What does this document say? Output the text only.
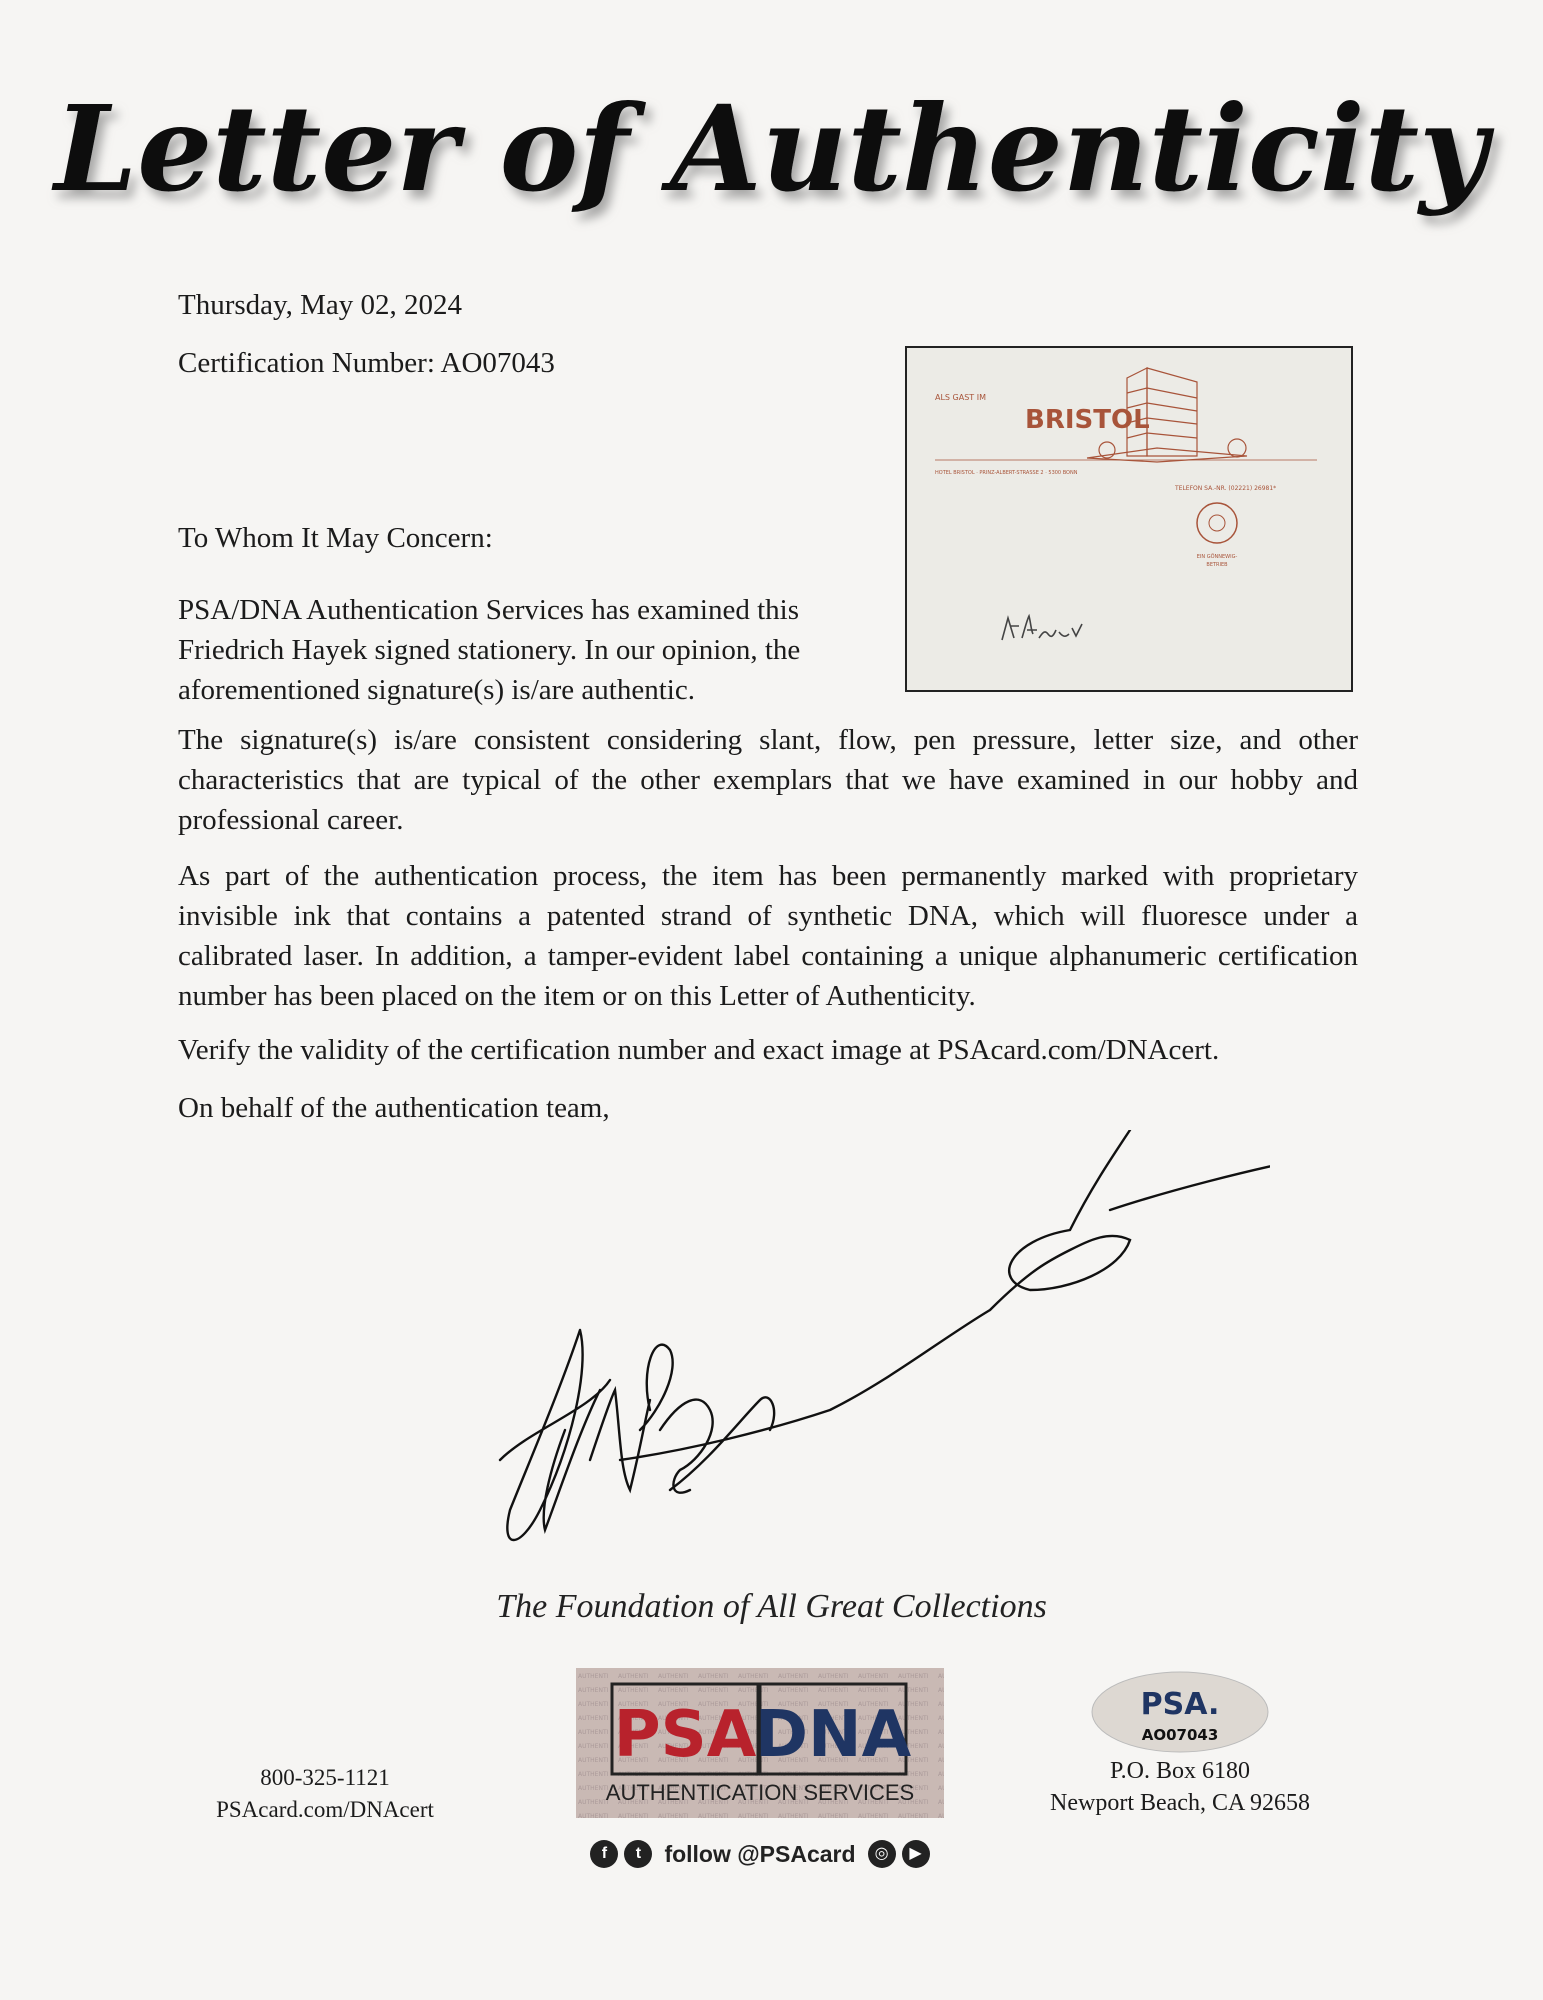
Letter of Authenticity
Thursday, May 02, 2024
Certification Number: AO07043
ALS GAST IM
HOTEL
BRISTOL	BONN
HOTEL BRISTOL · PRINZ-ALBERT-STRASSE 2 · 5300 BONN
TELEFON SA.-NR. (02221) 26981*
EIN GÖNNEWIG-
BETRIEB
To Whom It May Concern:

PSA/DNA Authentication Services has examined this
Friedrich Hayek signed stationery. In our opinion, the
aforementioned signature(s) is/are authentic.

The signature(s) is/are consistent considering slant, flow, pen pressure, letter size, and other characteristics that are typical of the other exemplars that we have examined in our hobby and professional career.

As part of the authentication process, the item has been permanently marked with proprietary invisible ink that contains a patented strand of synthetic DNA, which will fluoresce under a calibrated laser. In addition, a tamper-evident label containing a unique alphanumeric certification number has been placed on the item or on this Letter of Authenticity.

Verify the validity of the certification number and exact image at PSAcard.com/DNAcert.

On behalf of the authentication team,
The Foundation of All Great Collections
800-325-1121
PSAcard.com/DNAcert
PSA
DNA
AUTHENTICATION SERVICES
f	t	follow @PSAcard	◎	▶
PSA.
AO07043
P.O. Box 6180
Newport Beach, CA 92658
